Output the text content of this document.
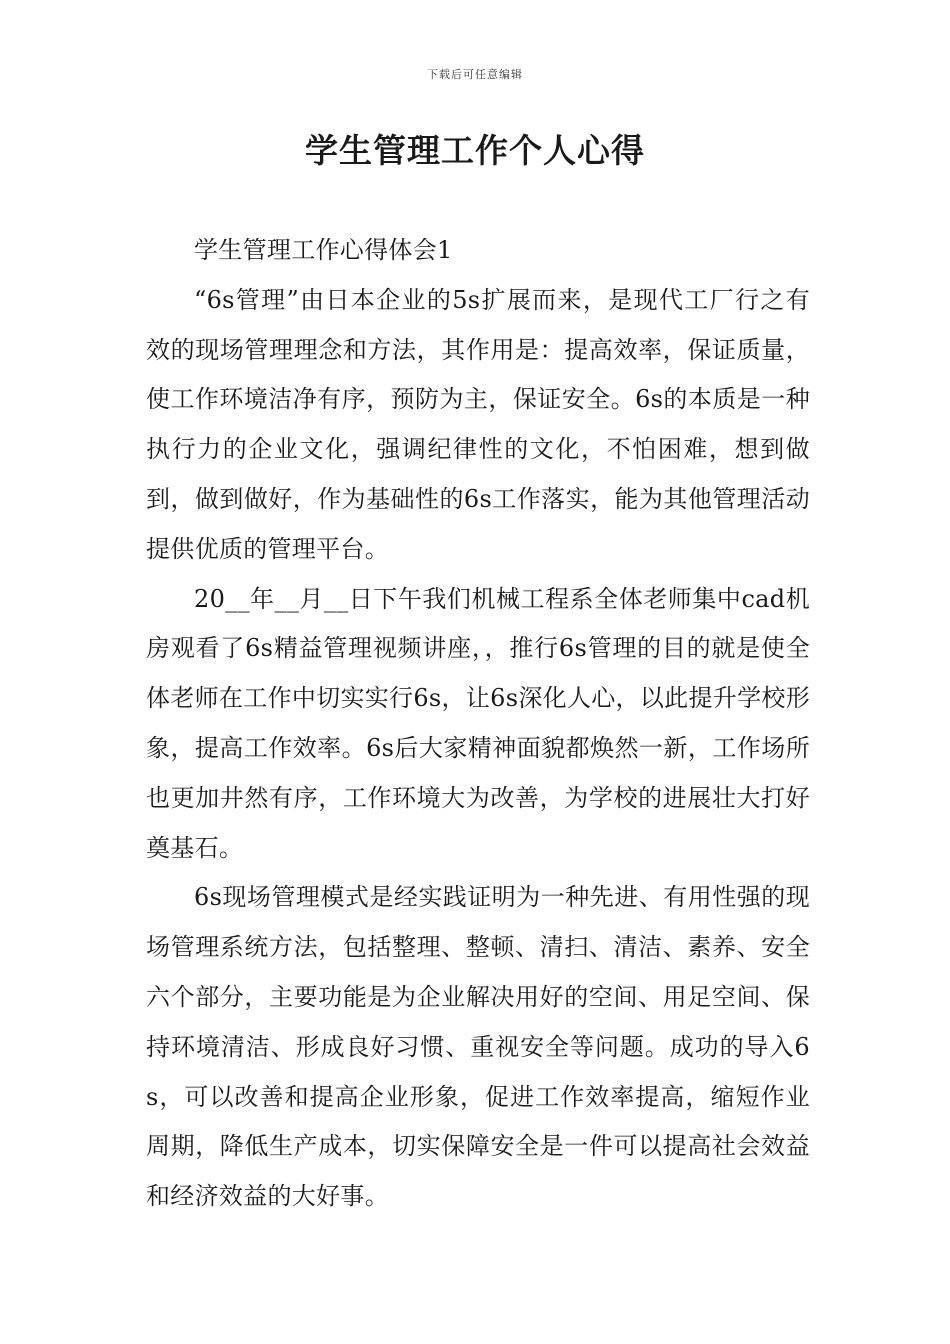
下载后可任意编辑
学生管理工作个人心得

学生管理工作心得体会1

“6s管理”由日本企业的5s扩展而来，是现代工厂行之有效的现场管理理念和方法，其作用是：提高效率，保证质量，使工作环境洁净有序，预防为主，保证安全。6s的本质是一种执行力的企业文化，强调纪律性的文化，不怕困难，想到做到，做到做好，作为基础性的6s工作落实，能为其他管理活动提供优质的管理平台。

20__年__月__日下午我们机械工程系全体老师集中cad机房观看了6s精益管理视频讲座，，推行6s管理的目的就是使全体老师在工作中切实实行6s，让6s深化人心，以此提升学校形象，提高工作效率。6s后大家精神面貌都焕然一新，工作场所也更加井然有序，工作环境大为改善，为学校的进展壮大打好奠基石。

6s现场管理模式是经实践证明为一种先进、有用性强的现场管理系统方法，包括整理、整顿、清扫、清洁、素养、安全六个部分，主要功能是为企业解决用好的空间、用足空间、保持环境清洁、形成良好习惯、重视安全等问题。成功的导入6s，可以改善和提高企业形象，促进工作效率提高，缩短作业周期，降低生产成本，切实保障安全是一件可以提高社会效益和经济效益的大好事。
